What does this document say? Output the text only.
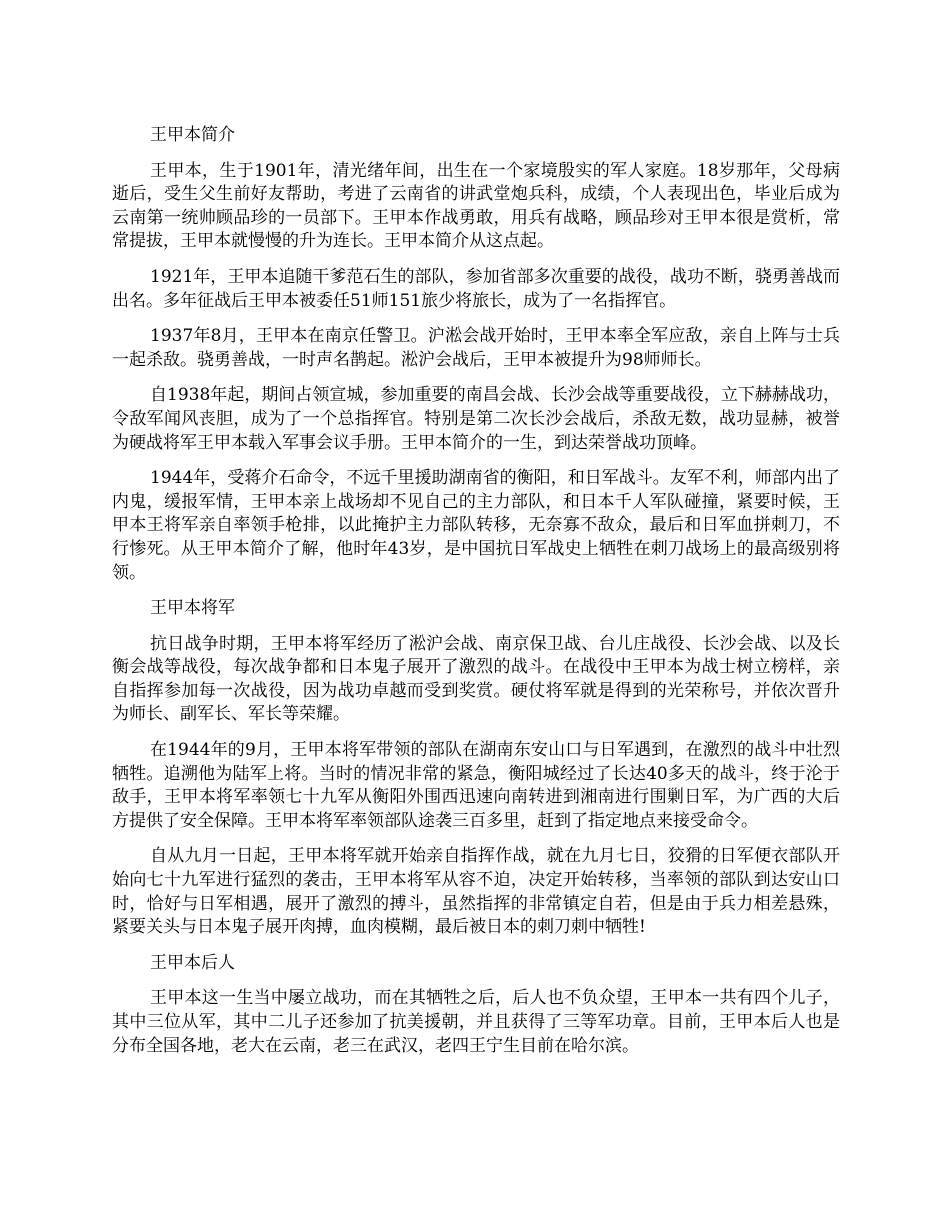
王甲本简介

王甲本，生于1901年，清光绪年间，出生在一个家境殷实的军人家庭。18岁那年，父母病逝后，受生父生前好友帮助，考进了云南省的讲武堂炮兵科，成绩，个人表现出色，毕业后成为云南第一统帅顾品珍的一员部下。王甲本作战勇敢，用兵有战略，顾品珍对王甲本很是赏析，常常提拔，王甲本就慢慢的升为连长。王甲本简介从这点起。

1921年，王甲本追随干爹范石生的部队，参加省部多次重要的战役，战功不断，骁勇善战而出名。多年征战后王甲本被委任51师151旅少将旅长，成为了一名指挥官。

1937年8月，王甲本在南京任警卫。沪淞会战开始时，王甲本率全军应敌，亲自上阵与士兵一起杀敌。骁勇善战，一时声名鹊起。淞沪会战后，王甲本被提升为98师师长。

自1938年起，期间占领宣城，参加重要的南昌会战、长沙会战等重要战役，立下赫赫战功，令敌军闻风丧胆，成为了一个总指挥官。特别是第二次长沙会战后，杀敌无数，战功显赫，被誉为硬战将军王甲本载入军事会议手册。王甲本简介的一生，到达荣誉战功顶峰。

1944年，受蒋介石命令，不远千里援助湖南省的衡阳，和日军战斗。友军不利，师部内出了内鬼，缓报军情，王甲本亲上战场却不见自己的主力部队，和日本千人军队碰撞，紧要时候，王甲本王将军亲自率领手枪排，以此掩护主力部队转移，无奈寡不敌众，最后和日军血拼刺刀，不行惨死。从王甲本简介了解，他时年43岁，是中国抗日军战史上牺牲在刺刀战场上的最高级别将领。

王甲本将军

抗日战争时期，王甲本将军经历了淞沪会战、南京保卫战、台儿庄战役、长沙会战、以及长衡会战等战役，每次战争都和日本鬼子展开了激烈的战斗。在战役中王甲本为战士树立榜样，亲自指挥参加每一次战役，因为战功卓越而受到奖赏。硬仗将军就是得到的光荣称号，并依次晋升为师长、副军长、军长等荣耀。

在1944年的9月，王甲本将军带领的部队在湖南东安山口与日军遇到，在激烈的战斗中壮烈牺牲。追溯他为陆军上将。当时的情况非常的紧急，衡阳城经过了长达40多天的战斗，终于沦于敌手，王甲本将军率领七十九军从衡阳外围西迅速向南转进到湘南进行围剿日军，为广西的大后方提供了安全保障。王甲本将军率领部队途袭三百多里，赶到了指定地点来接受命令。

自从九月一日起，王甲本将军就开始亲自指挥作战，就在九月七日，狡猾的日军便衣部队开始向七十九军进行猛烈的袭击，王甲本将军从容不迫，决定开始转移，当率领的部队到达安山口时，恰好与日军相遇，展开了激烈的搏斗，虽然指挥的非常镇定自若，但是由于兵力相差悬殊，紧要关头与日本鬼子展开肉搏，血肉模糊，最后被日本的刺刀刺中牺牲!

王甲本后人

王甲本这一生当中屡立战功，而在其牺牲之后，后人也不负众望，王甲本一共有四个儿子，其中三位从军，其中二儿子还参加了抗美援朝，并且获得了三等军功章。目前，王甲本后人也是分布全国各地，老大在云南，老三在武汉，老四王宁生目前在哈尔滨。
